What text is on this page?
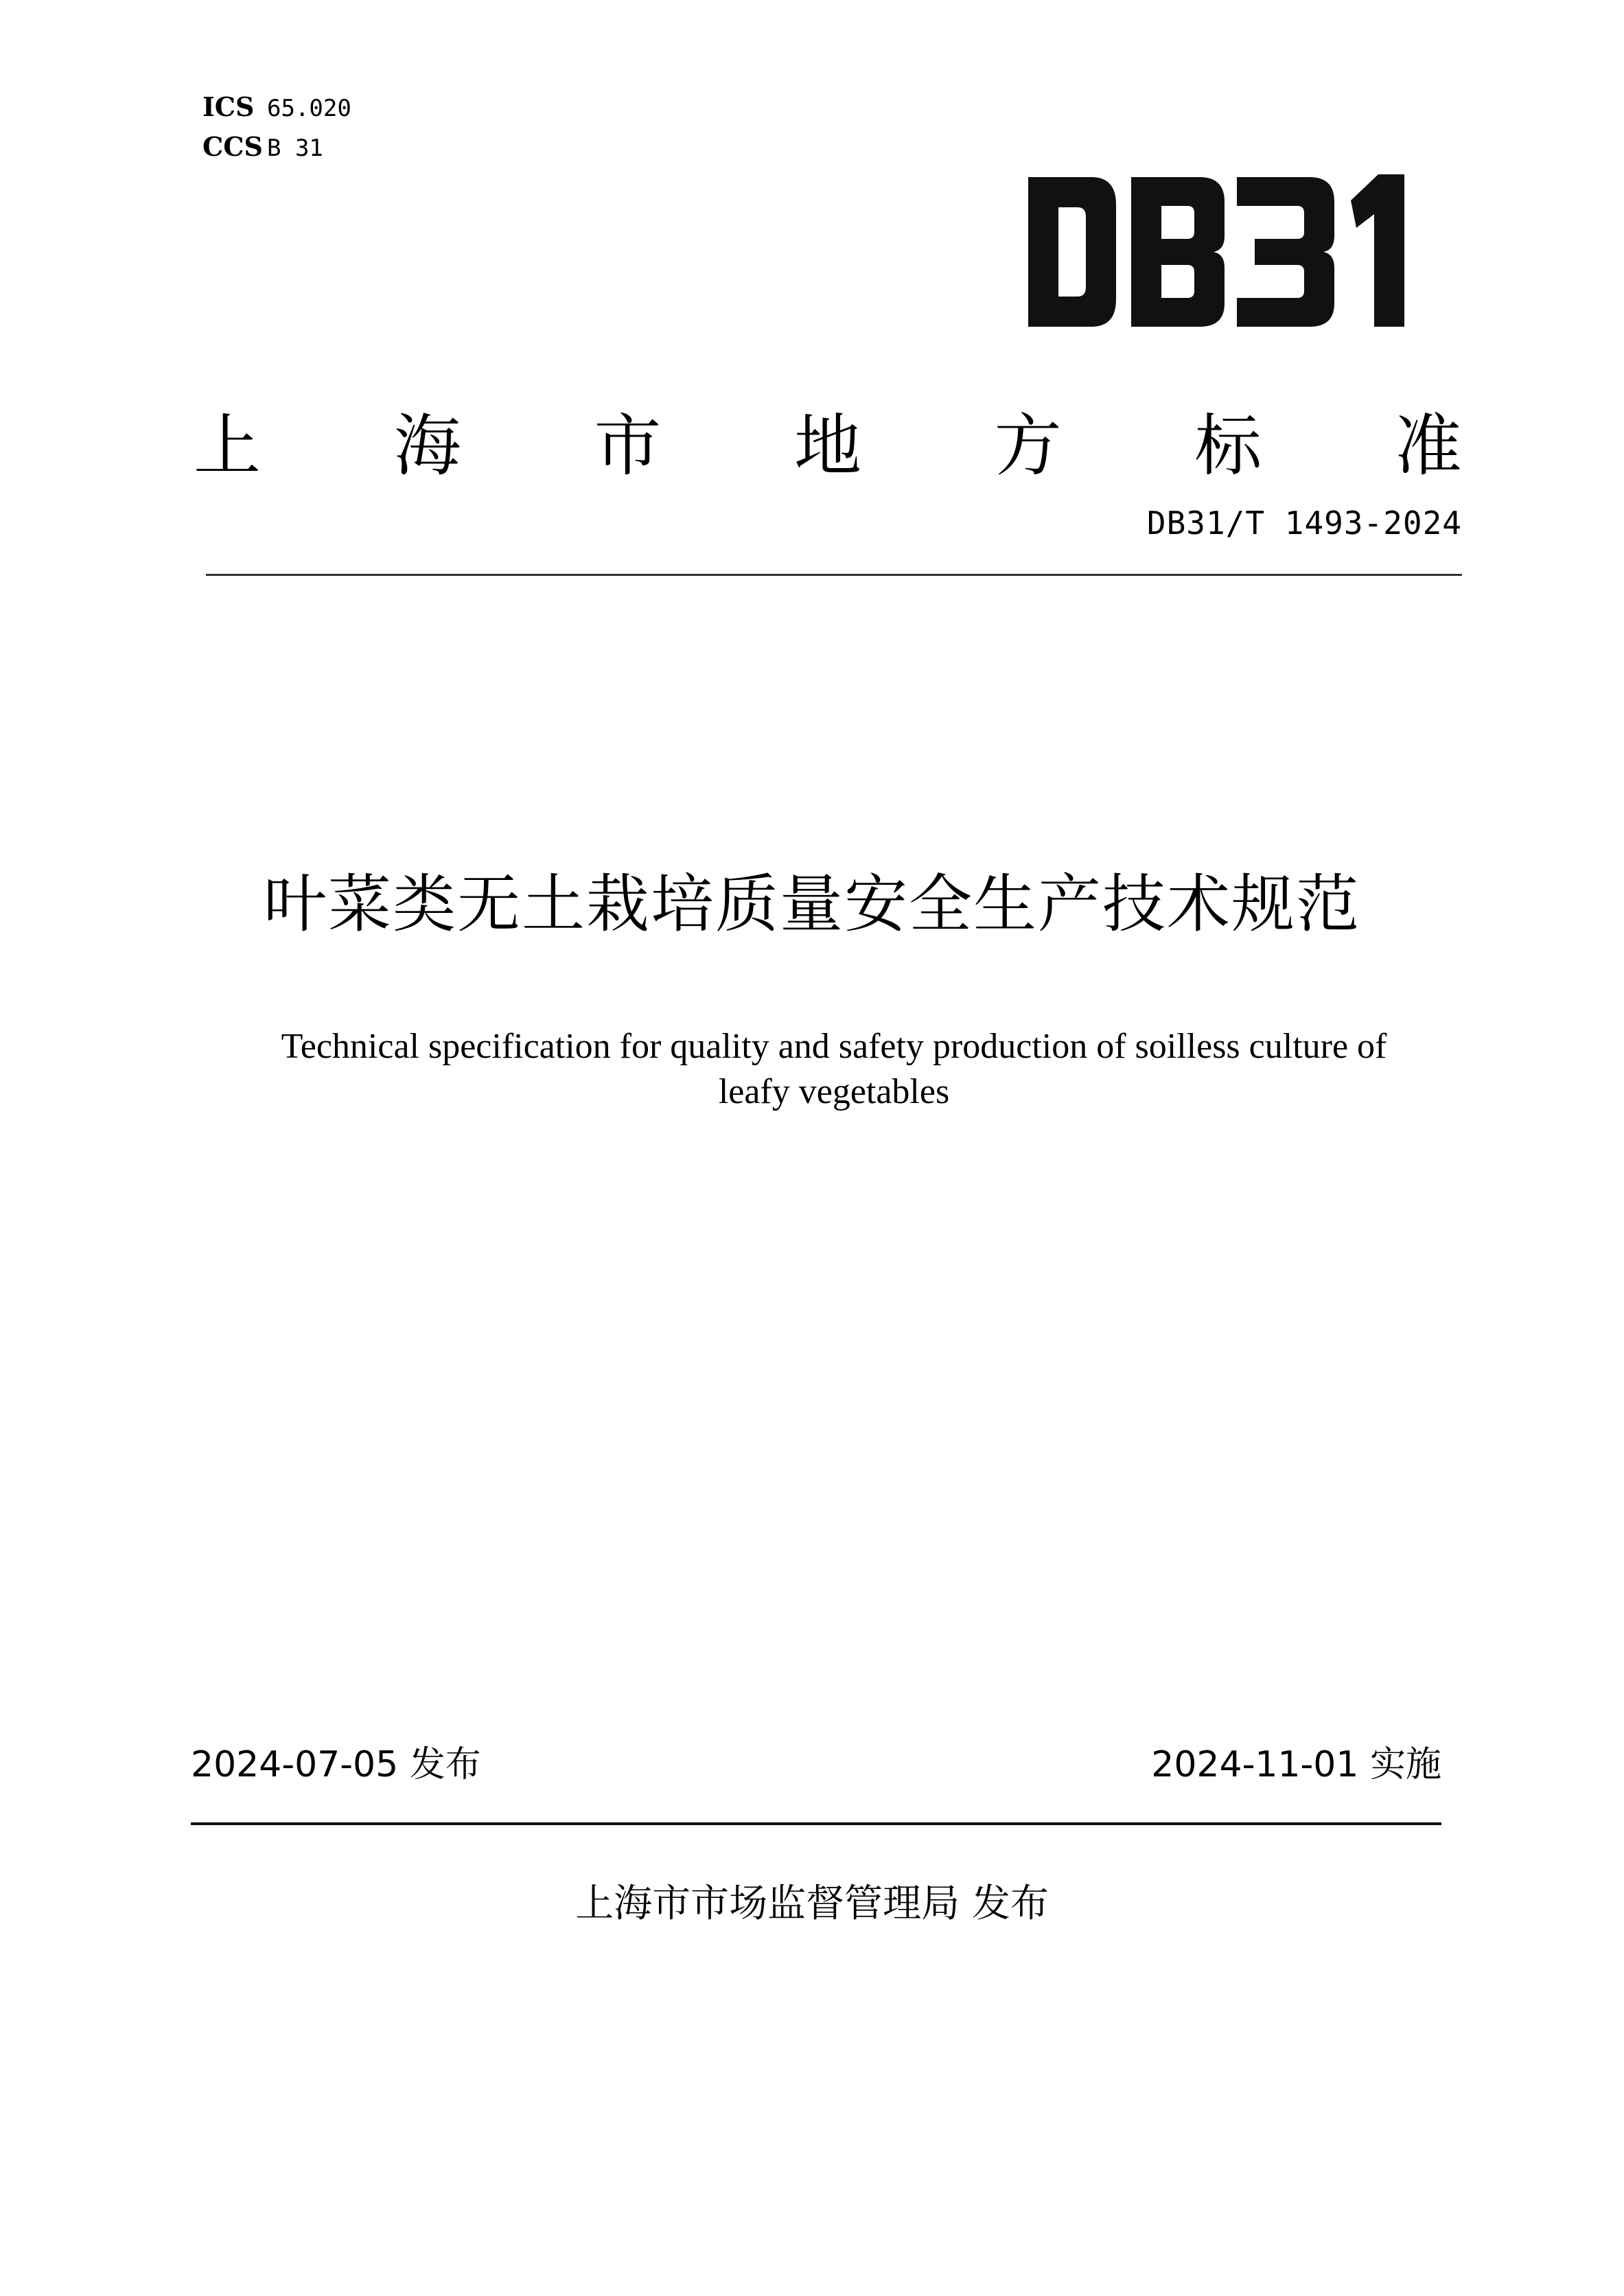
ICS 65.020
CCS B 31
上 海 市 地 方 标 准
DB31/T 1493-2024
叶菜类无土栽培质量安全生产技术规范
Technical specification for quality and safety production of soilless culture of
leafy vegetables
2024-07-05 发布	2024-11-01 实施
上海市市场监督管理局 发布
